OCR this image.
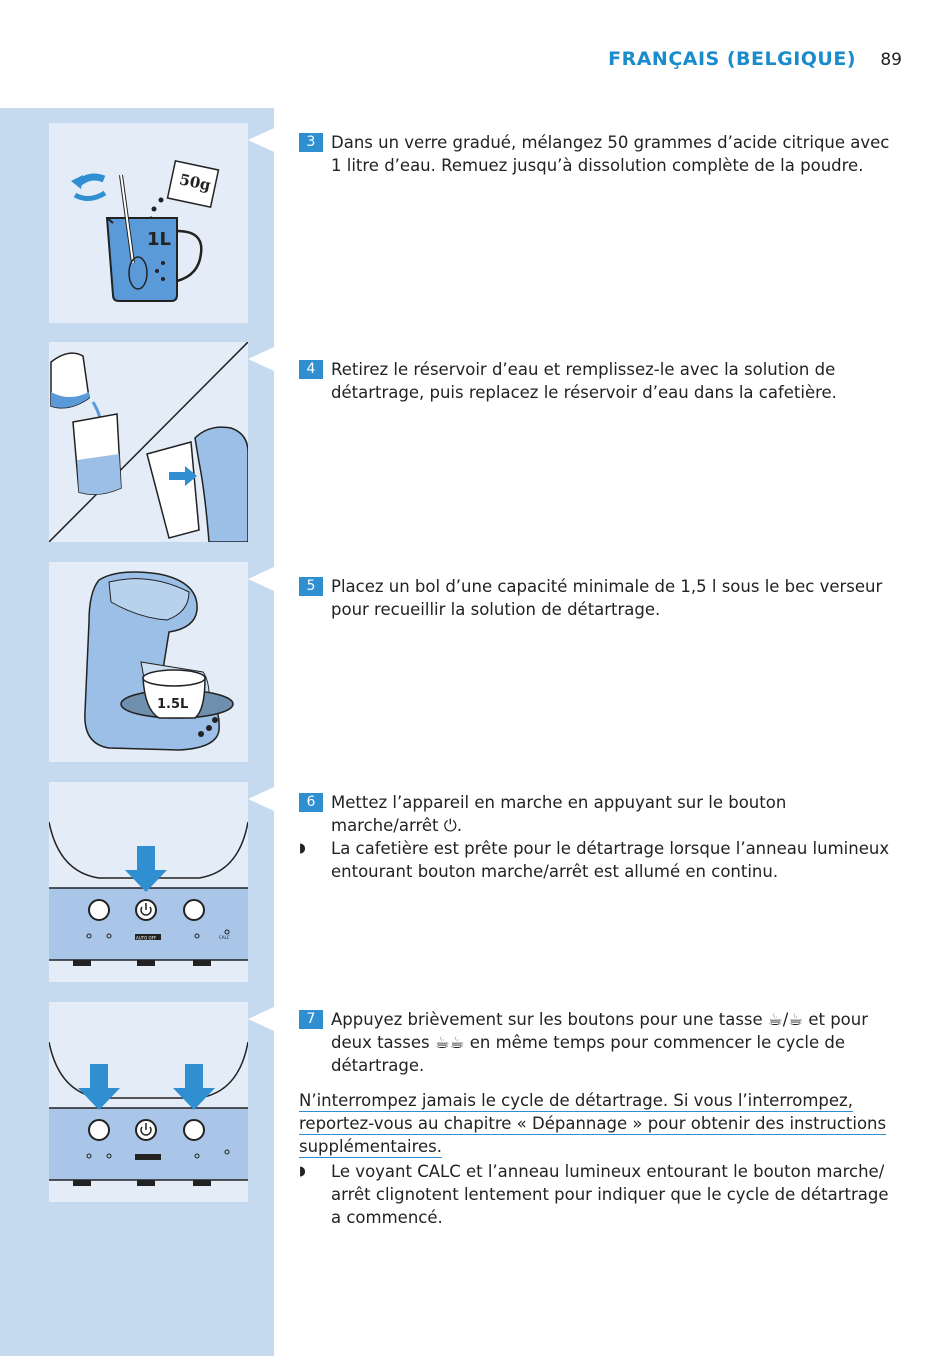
FRANÇAIS (BELGIQUE) 89
50g
1L
1.5L
AUTO OFF	CALC
3 Dans un verre gradué, mélangez 50 grammes d’acide citrique avec 1 litre d’eau. Remuez jusqu’à dissolution complète de la poudre.
4 Retirez le réservoir d’eau et remplissez-le avec la solution de détartrage, puis replacez le réservoir d’eau dans la cafetière.
5 Placez un bol d’une capacité minimale de 1,5 l sous le bec verseur pour recueillir la solution de détartrage.
6 Mettez l’appareil en marche en appuyant sur le bouton marche/arrêt ⏻.
◗ La cafetière est prête pour le détartrage lorsque l’anneau lumineux entourant bouton marche/arrêt est allumé en continu.
7 Appuyez brièvement sur les boutons pour une tasse ☕/☕ et pour deux tasses ☕☕ en même temps pour commencer le cycle de détartrage.
N’interrompez jamais le cycle de détartrage. Si vous l’interrompez, reportez-vous au chapitre « Dépannage » pour obtenir des instructions supplémentaires.
◗ Le voyant CALC et l’anneau lumineux entourant le bouton marche/ arrêt clignotent lentement pour indiquer que le cycle de détartrage a commencé.
